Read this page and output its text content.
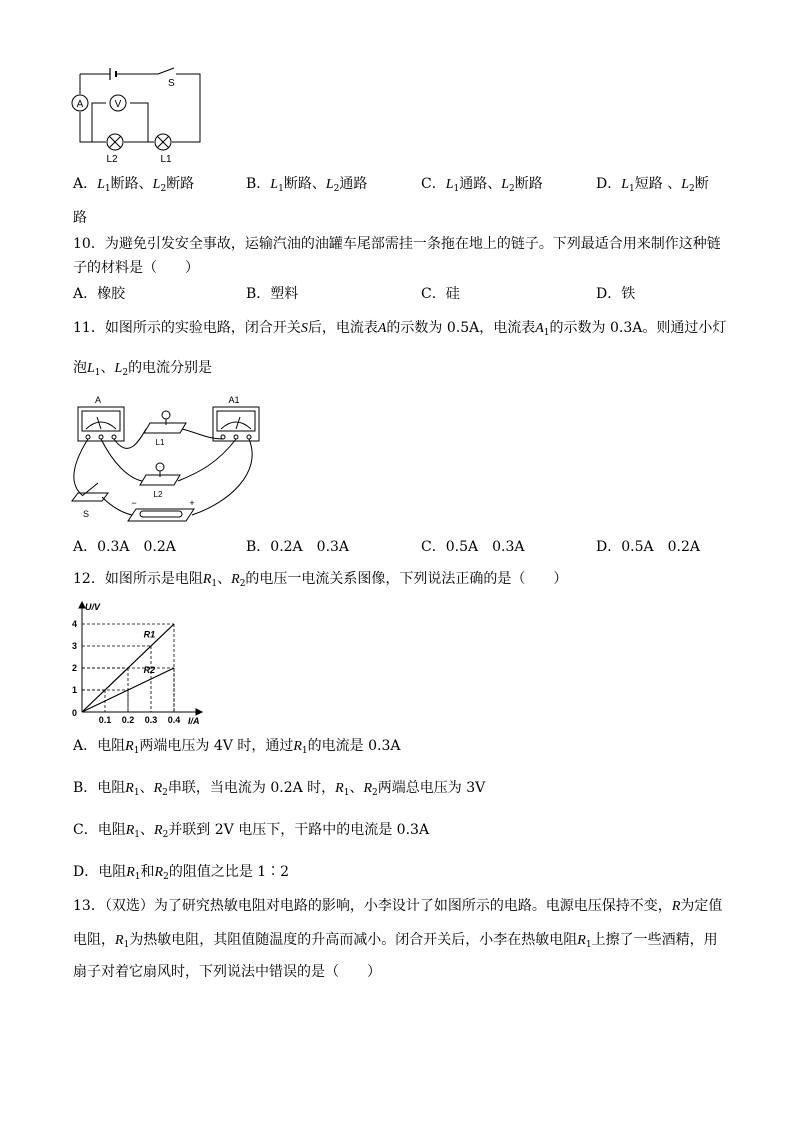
A	V
S
L2	L1
A．$L_1$断路、$L_2$断路	B．$L_1$断路、$L_2$通路	C．$L_1$通路、$L_2$断路	D．$L_1$短路 、$L_2$断
路
10．为避免引发安全事故，运输汽油的油罐车尾部需挂一条拖在地上的链子。下列最适合用来制作这种链
子的材料是（　　）
A．橡胶	B．塑料	C．硅	D．铁
11．如图所示的实验电路，闭合开关S后，电流表A的示数为 0.5A，电流表$A_1$的示数为 0.3A。则通过小灯
泡$L_1$、$L_2$的电流分别是
A	A1
L1
L2
S
−	+
A．0.3A　0.2A	B．0.2A　0.3A	C．0.5A　0.3A	D．0.5A　0.2A
12．如图所示是电阻$R_1$、$R_2$的电压一电流关系图像，下列说法正确的是（　　）
R1
R2
0.1 0.2 0.3 0.4
1
2
3
4
U/V
I/A
0
A．电阻$R_1$两端电压为 4V 时，通过$R_1$的电流是 0.3A
B．电阻$R_1$、$R_2$串联，当电流为 0.2A 时，$R_1$、$R_2$两端总电压为 3V
C．电阻$R_1$、$R_2$并联到 2V 电压下，干路中的电流是 0.3A
D．电阻$R_1$和$R_2$的阻值之比是 1∶2
13．（双选）为了研究热敏电阻对电路的影响，小李设计了如图所示的电路。电源电压保持不变，R为定值
电阻，$R_1$为热敏电阻，其阻值随温度的升高而减小。闭合开关后，小李在热敏电阻$R_1$上擦了一些酒精，用
扇子对着它扇风时，下列说法中错误的是（　　）
